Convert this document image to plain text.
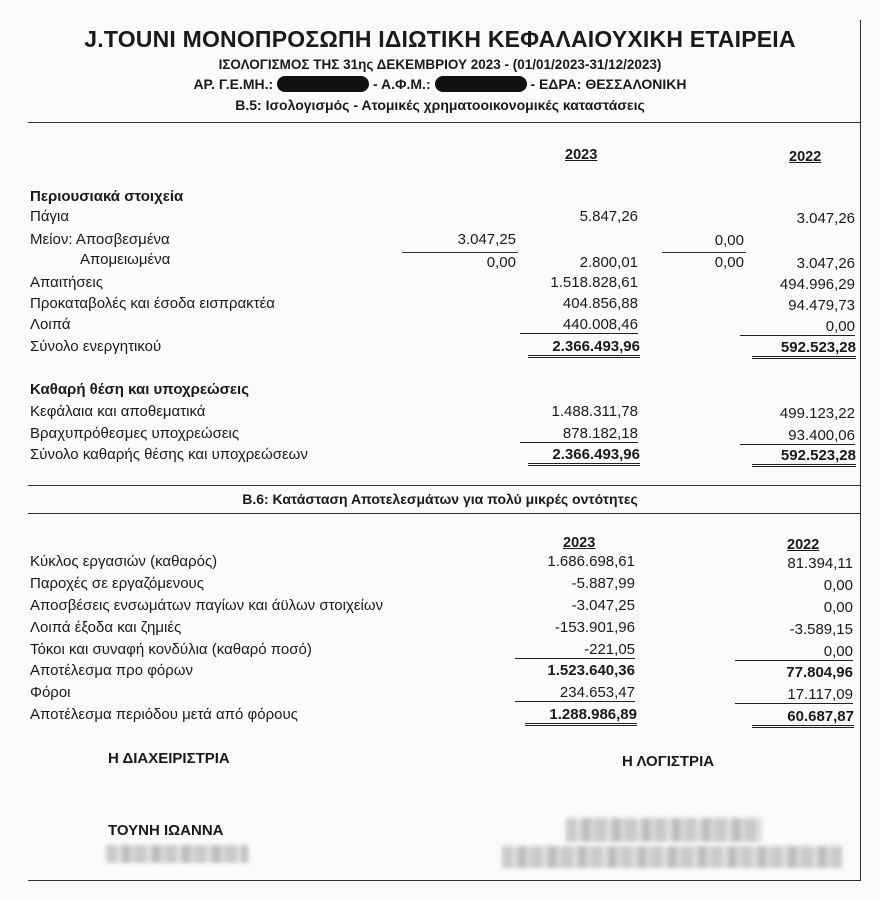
J.TOUNI ΜΟΝΟΠΡΟΣΩΠΗ ΙΔΙΩΤΙΚΗ ΚΕΦΑΛΑΙΟΥΧΙΚΗ ΕΤΑΙΡΕΙΑ
ΙΣΟΛΟΓΙΣΜΟΣ ΤΗΣ 31ης ΔΕΚΕΜΒΡΙΟΥ 2023 - (01/01/2023-31/12/2023)
ΑΡ. Γ.Ε.ΜΗ.:	- Α.Φ.Μ.:	- ΕΔΡΑ: ΘΕΣΣΑΛΟΝΙΚΗ
B.5: Ισολογισμός - Ατομικές χρηματοοικονομικές καταστάσεις
2023	2022
Περιουσιακά στοιχεία
Πάγια	5.847,26	3.047,26
Μείον: Αποσβεσμένα	3.047,25	0,00
Απομειωμένα	0,00	2.800,01	0,00	3.047,26
Απαιτήσεις	1.518.828,61	494.996,29
Προκαταβολές και έσοδα εισπρακτέα	404.856,88	94.479,73
Λοιπά	440.008,46	0,00
Σύνολο ενεργητικού	2.366.493,96	592.523,28
Καθαρή θέση και υποχρεώσεις
Κεφάλαια και αποθεματικά	1.488.311,78	499.123,22
Βραχυπρόθεσμες υποχρεώσεις	878.182,18	93.400,06
Σύνολο καθαρής θέσης και υποχρεώσεων	2.366.493,96	592.523,28
B.6: Κατάσταση Αποτελεσμάτων για πολύ μικρές οντότητες
2023	2022
Κύκλος εργασιών (καθαρός)	1.686.698,61	81.394,11
Παροχές σε εργαζόμενους	-5.887,99	0,00
Αποσβέσεις ενσωμάτων παγίων και άϋλων στοιχείων	-3.047,25	0,00
Λοιπά έξοδα και ζημιές	-153.901,96	-3.589,15
Τόκοι και συναφή κονδύλια (καθαρό ποσό)	-221,05	0,00
Αποτέλεσμα προ φόρων	1.523.640,36	77.804,96
Φόροι	234.653,47	17.117,09
Αποτέλεσμα περιόδου μετά από φόρους	1.288.986,89	60.687,87
Η ΔΙΑΧΕΙΡΙΣΤΡΙΑ	Η ΛΟΓΙΣΤΡΙΑ
ΤΟΥΝΗ ΙΩΑΝΝΑ
